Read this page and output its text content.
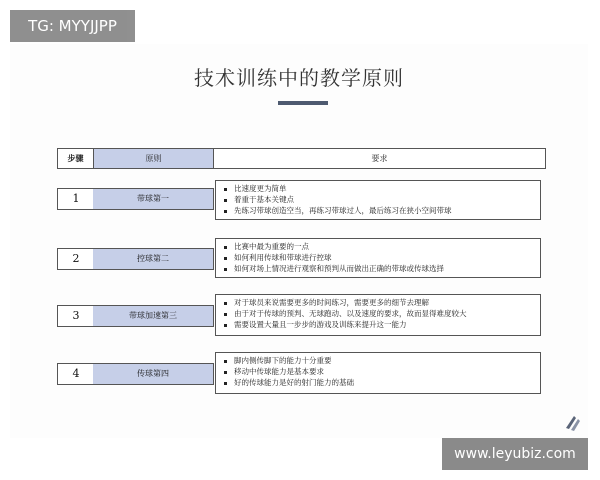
TG: MYYJJPP
技术训练中的教学原则
步骤	原则	要求
1	带球第一
比速度更为简单
着重于基本关键点
先练习带球创造空当，再练习带球过人，最后练习在狭小空间带球
2	控球第二
比赛中最为重要的一点
如何利用传球和带球进行控球
如何对场上情况进行观察和预判从而做出正确的带球或传球选择
3	带球加速第三
对于球员来说需要更多的时间练习，需要更多的细节去理解
由于对于传球的预判、无球跑动、以及速度的要求，故而显得难度较大
需要设置大量且一步步的游戏及训练来提升这一能力
4	传球第四
脚内侧传脚下的能力十分重要
移动中传球能力是基本要求
好的传球能力是好的射门能力的基础
www.leyubiz.com
